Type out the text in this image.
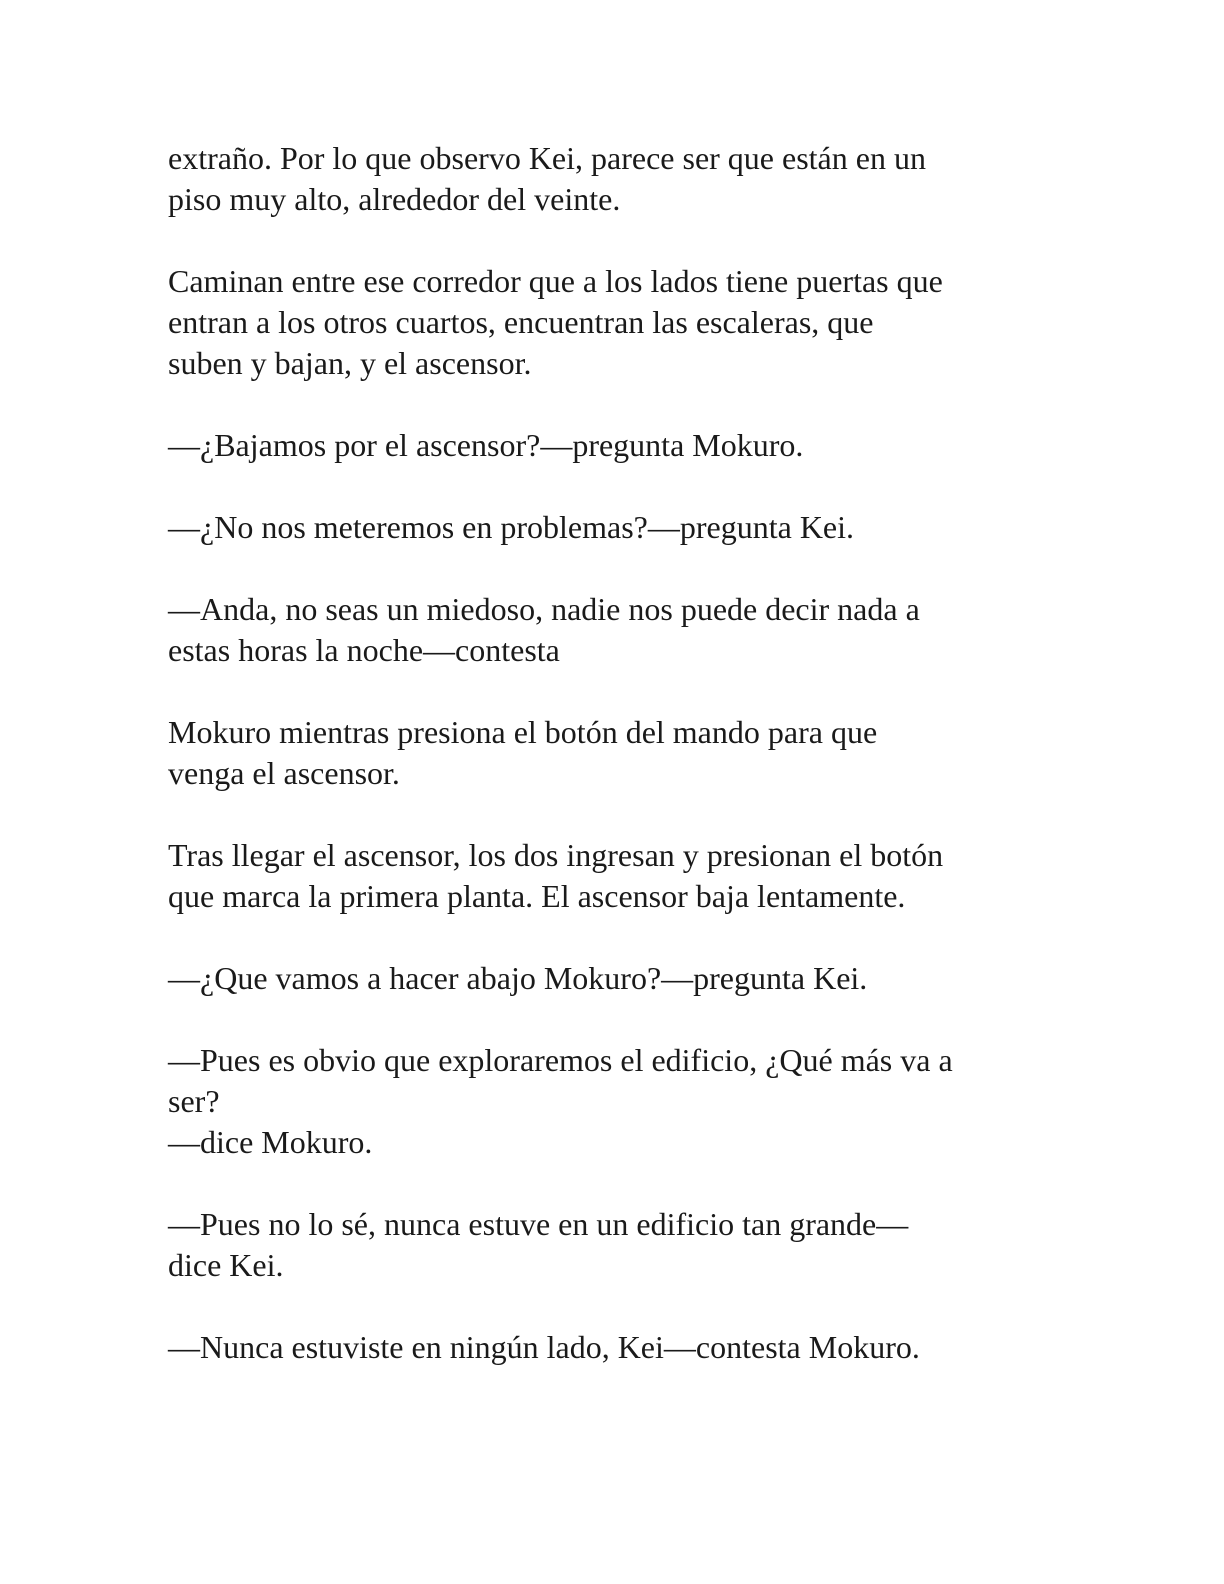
extraño. Por lo que observo Kei, parece ser que están en un
piso muy alto, alrededor del veinte.

Caminan entre ese corredor que a los lados tiene puertas que
entran a los otros cuartos, encuentran las escaleras, que
suben y bajan, y el ascensor.

—¿Bajamos por el ascensor?—pregunta Mokuro.

—¿No nos meteremos en problemas?—pregunta Kei.

—Anda, no seas un miedoso, nadie nos puede decir nada a
estas horas la noche—contesta

Mokuro mientras presiona el botón del mando para que
venga el ascensor.

Tras llegar el ascensor, los dos ingresan y presionan el botón
que marca la primera planta. El ascensor baja lentamente.

—¿Que vamos a hacer abajo Mokuro?—pregunta Kei.

—Pues es obvio que exploraremos el edificio, ¿Qué más va a
ser?
—dice Mokuro.

—Pues no lo sé, nunca estuve en un edificio tan grande—
dice Kei.

—Nunca estuviste en ningún lado, Kei—contesta Mokuro.
